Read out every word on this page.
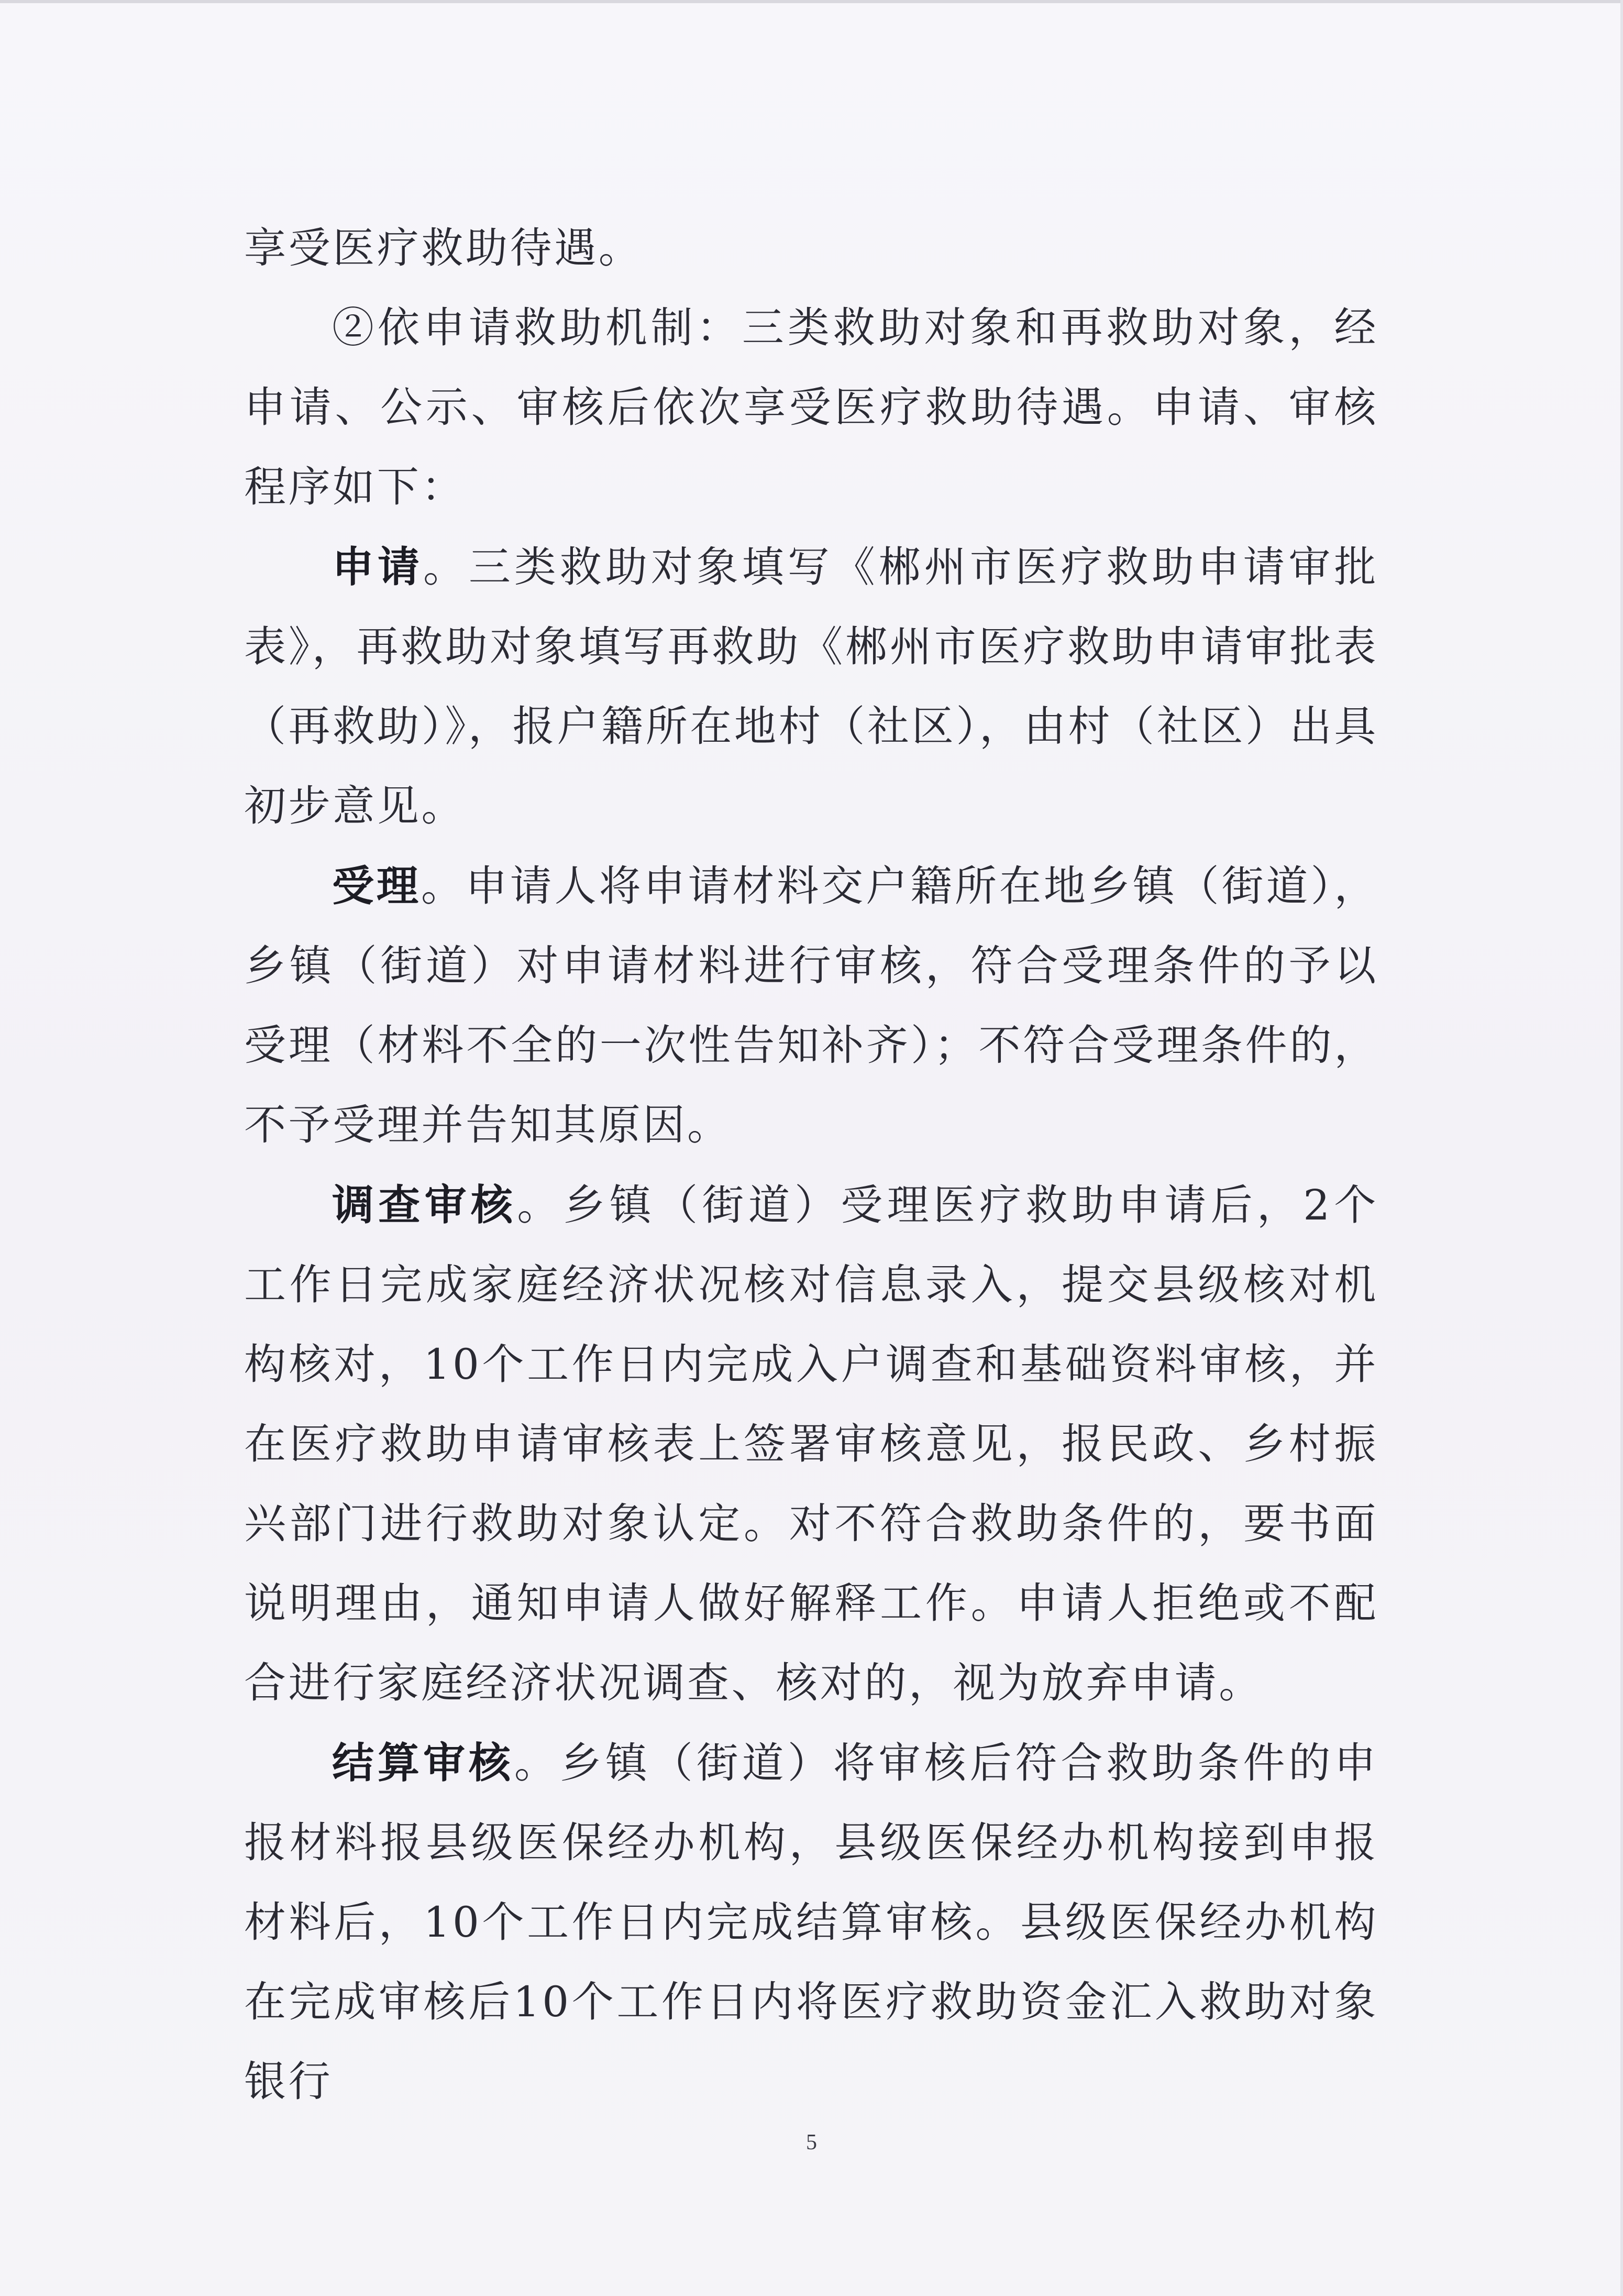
享受医疗救助待遇。

②依申请救助机制：三类救助对象和再救助对象，经申请、公示、审核后依次享受医疗救助待遇。申请、审核程序如下：

申请。三类救助对象填写《郴州市医疗救助申请审批表》，再救助对象填写再救助《郴州市医疗救助申请审批表（再救助）》，报户籍所在地村（社区），由村（社区）出具初步意见。

受理。申请人将申请材料交户籍所在地乡镇（街道），乡镇（街道）对申请材料进行审核，符合受理条件的予以受理（材料不全的一次性告知补齐）；不符合受理条件的，不予受理并告知其原因。

调查审核。乡镇（街道）受理医疗救助申请后，2个工作日完成家庭经济状况核对信息录入，提交县级核对机构核对，10个工作日内完成入户调查和基础资料审核，并在医疗救助申请审核表上签署审核意见，报民政、乡村振兴部门进行救助对象认定。对不符合救助条件的，要书面说明理由，通知申请人做好解释工作。申请人拒绝或不配合进行家庭经济状况调查、核对的，视为放弃申请。

结算审核。乡镇（街道）将审核后符合救助条件的申报材料报县级医保经办机构，县级医保经办机构接到申报材料后，10个工作日内完成结算审核。县级医保经办机构在完成审核后10个工作日内将医疗救助资金汇入救助对象银行

5
